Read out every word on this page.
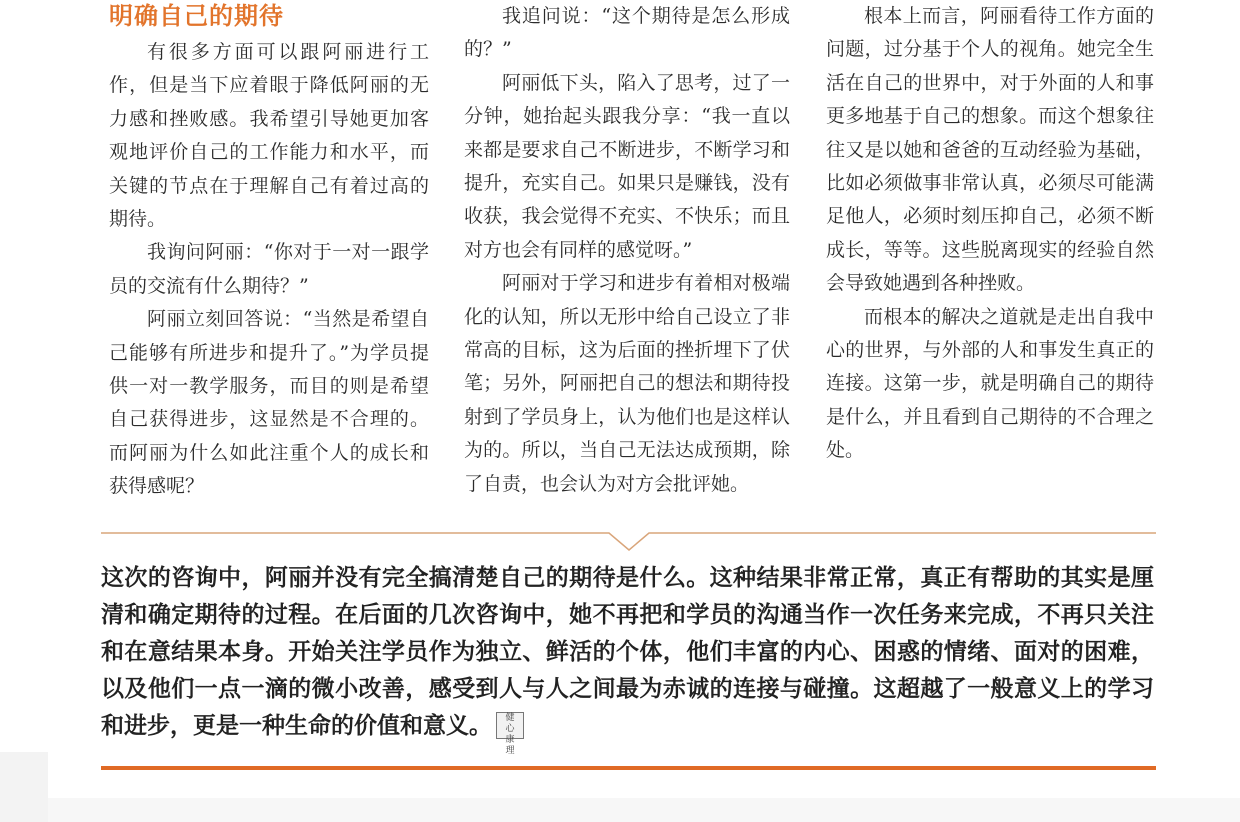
明确自己的期待

有很多方面可以跟阿丽进行工作，但是当下应着眼于降低阿丽的无力感和挫败感。我希望引导她更加客观地评价自己的工作能力和水平，而关键的节点在于理解自己有着过高的期待。

我询问阿丽：“你对于一对一跟学员的交流有什么期待？”

阿丽立刻回答说：“当然是希望自己能够有所进步和提升了。”为学员提供一对一教学服务，而目的则是希望自己获得进步，这显然是不合理的。而阿丽为什么如此注重个人的成长和获得感呢？

我追问说：“这个期待是怎么形成的？”

阿丽低下头，陷入了思考，过了一分钟，她抬起头跟我分享：“我一直以来都是要求自己不断进步，不断学习和提升，充实自己。如果只是赚钱，没有收获，我会觉得不充实、不快乐；而且对方也会有同样的感觉呀。”

阿丽对于学习和进步有着相对极端化的认知，所以无形中给自己设立了非常高的目标，这为后面的挫折埋下了伏笔；另外，阿丽把自己的想法和期待投射到了学员身上，认为他们也是这样认为的。所以，当自己无法达成预期，除了自责，也会认为对方会批评她。

根本上而言，阿丽看待工作方面的问题，过分基于个人的视角。她完全生活在自己的世界中，对于外面的人和事更多地基于自己的想象。而这个想象往往又是以她和爸爸的互动经验为基础，比如必须做事非常认真，必须尽可能满足他人，必须时刻压抑自己，必须不断成长，等等。这些脱离现实的经验自然会导致她遇到各种挫败。

而根本的解决之道就是走出自我中心的世界，与外部的人和事发生真正的连接。这第一步，就是明确自己的期待是什么，并且看到自己期待的不合理之处。

这次的咨询中，阿丽并没有完全搞清楚自己的期待是什么。这种结果非常正常，真正有帮助的其实是厘清和确定期待的过程。在后面的几次咨询中，她不再把和学员的沟通当作一次任务来完成，不再只关注和在意结果本身。开始关注学员作为独立、鲜活的个体，他们丰富的内心、困惑的情绪、面对的困难，以及他们一点一滴的微小改善，感受到人与人之间最为赤诚的连接与碰撞。这超越了一般意义上的学习和进步，更是一种生命的价值和意义。	健
心
康
理
